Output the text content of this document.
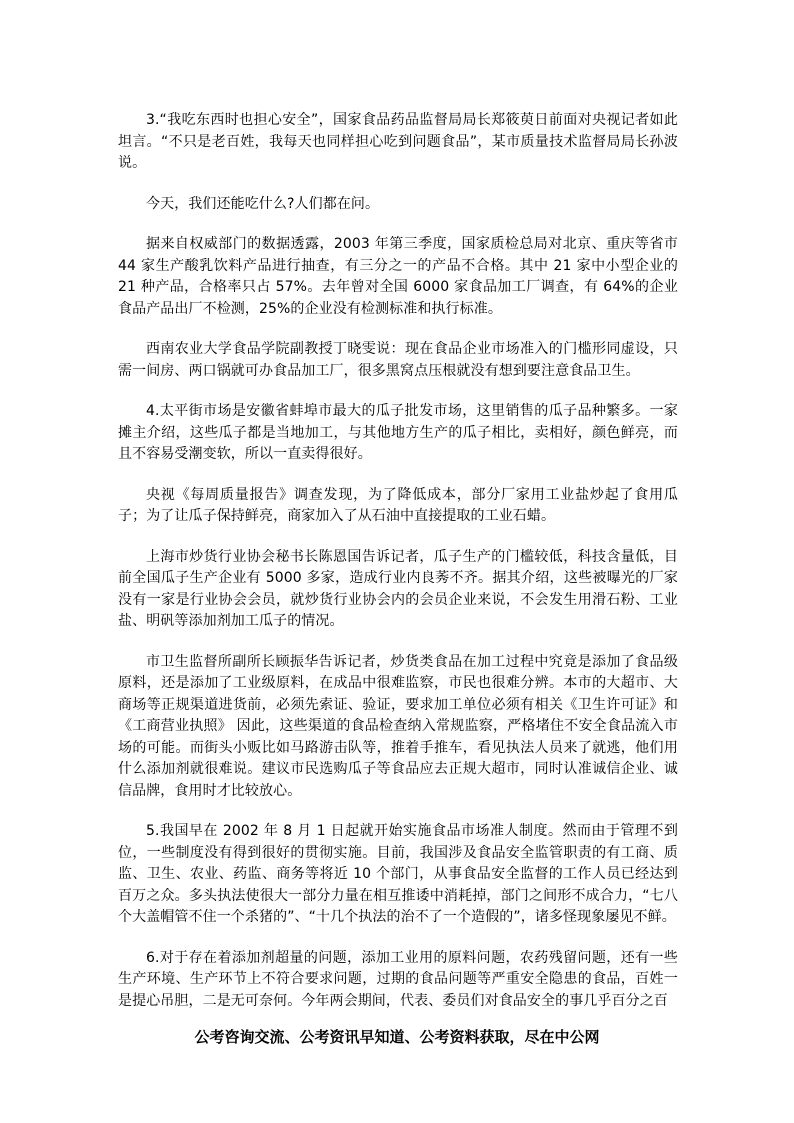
3.“我吃东西时也担心安全”，国家食品药品监督局局长郑筱萸日前面对央视记者如此坦言。“不只是老百姓，我每天也同样担心吃到问题食品”，某市质量技术监督局局长孙波说。

今天，我们还能吃什么?人们都在问。

据来自权威部门的数据透露，2003 年第三季度，国家质检总局对北京、重庆等省市 44 家生产酸乳饮料产品进行抽查，有三分之一的产品不合格。其中 21 家中小型企业的 21 种产品，合格率只占 57%。去年曾对全国 6000 家食品加工厂调查，有 64%的企业食品产品出厂不检测，25%的企业没有检测标准和执行标准。

西南农业大学食品学院副教授丁晓雯说：现在食品企业市场准入的门槛形同虚设，只需一间房、两口锅就可办食品加工厂，很多黑窝点压根就没有想到要注意食品卫生。

4.太平街市场是安徽省蚌埠市最大的瓜子批发市场，这里销售的瓜子品种繁多。一家摊主介绍，这些瓜子都是当地加工，与其他地方生产的瓜子相比，卖相好，颜色鲜亮，而且不容易受潮变软，所以一直卖得很好。

央视《每周质量报告》调查发现，为了降低成本，部分厂家用工业盐炒起了食用瓜子；为了让瓜子保持鲜亮，商家加入了从石油中直接提取的工业石蜡。

上海市炒货行业协会秘书长陈恩国告诉记者，瓜子生产的门槛较低，科技含量低，目前全国瓜子生产企业有 5000 多家，造成行业内良莠不齐。据其介绍，这些被曝光的厂家没有一家是行业协会会员，就炒货行业协会内的会员企业来说，不会发生用滑石粉、工业盐、明矾等添加剂加工瓜子的情况。

市卫生监督所副所长顾振华告诉记者，炒货类食品在加工过程中究竟是添加了食品级原料，还是添加了工业级原料，在成品中很难监察，市民也很难分辨。本市的大超市、大商场等正规渠道进货前，必须先索证、验证，要求加工单位必须有相关《卫生许可证》和《工商营业执照》 因此，这些渠道的食品检查纳入常规监察，严格堵住不安全食品流入市场的可能。而街头小贩比如马路游击队等，推着手推车，看见执法人员来了就逃，他们用什么添加剂就很难说。建议市民选购瓜子等食品应去正规大超市，同时认准诚信企业、诚信品牌，食用时才比较放心。

5.我国早在 2002 年 8 月 1 日起就开始实施食品市场准人制度。然而由于管理不到位，一些制度没有得到很好的贯彻实施。目前，我国涉及食品安全监管职责的有工商、质监、卫生、农业、药监、商务等将近 10 个部门，从事食品安全监督的工作人员已经达到百万之众。多头执法使很大一部分力量在相互推诿中消耗掉，部门之间形不成合力，“七八个大盖帽管不住一个杀猪的”、“十几个执法的治不了一个造假的”，诸多怪现象屡见不鲜。

6.对于存在着添加剂超量的问题，添加工业用的原料问题，农药残留问题，还有一些生产环境、生产环节上不符合要求问题，过期的食品问题等严重安全隐患的食品，百姓一是提心吊胆，二是无可奈何。今年两会期间，代表、委员们对食品安全的事几乎百分之百

公考咨询交流、公考资讯早知道、公考资料获取，尽在中公网
